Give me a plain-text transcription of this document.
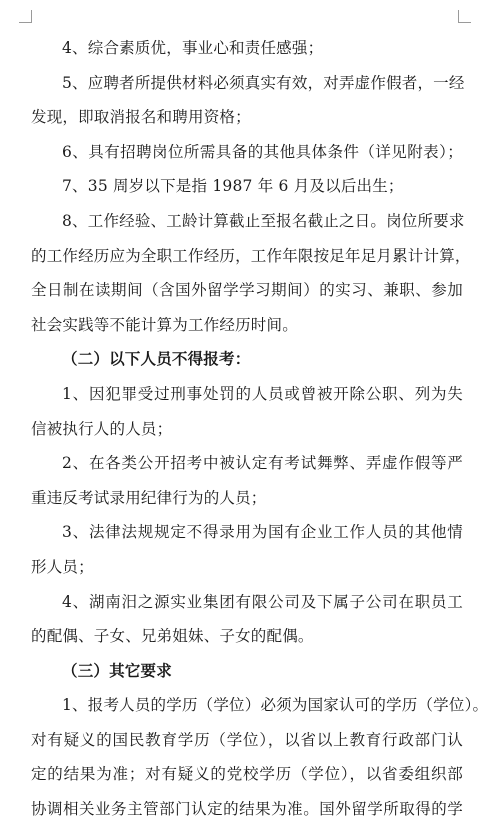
4、综合素质优，事业心和责任感强；
5、应聘者所提供材料必须真实有效，对弄虚作假者，一经
发现，即取消报名和聘用资格；
6、具有招聘岗位所需具备的其他具体条件（详见附表）；
7、35 周岁以下是指 1987 年 6 月及以后出生；
8、工作经验、工龄计算截止至报名截止之日。岗位所要求
的工作经历应为全职工作经历，工作年限按足年足月累计计算，
全日制在读期间（含国外留学学习期间）的实习、兼职、参加
社会实践等不能计算为工作经历时间。
（二）以下人员不得报考：
1、因犯罪受过刑事处罚的人员或曾被开除公职、列为失
信被执行人的人员；
2、在各类公开招考中被认定有考试舞弊、弄虚作假等严
重违反考试录用纪律行为的人员；
3、法律法规规定不得录用为国有企业工作人员的其他情
形人员；
4、湖南汨之源实业集团有限公司及下属子公司在职员工
的配偶、子女、兄弟姐妹、子女的配偶。
（三）其它要求
1、报考人员的学历（学位）必须为国家认可的学历（学位）。
对有疑义的国民教育学历（学位），以省以上教育行政部门认
定的结果为准；对有疑义的党校学历（学位），以省委组织部
协调相关业务主管部门认定的结果为准。国外留学所取得的学
